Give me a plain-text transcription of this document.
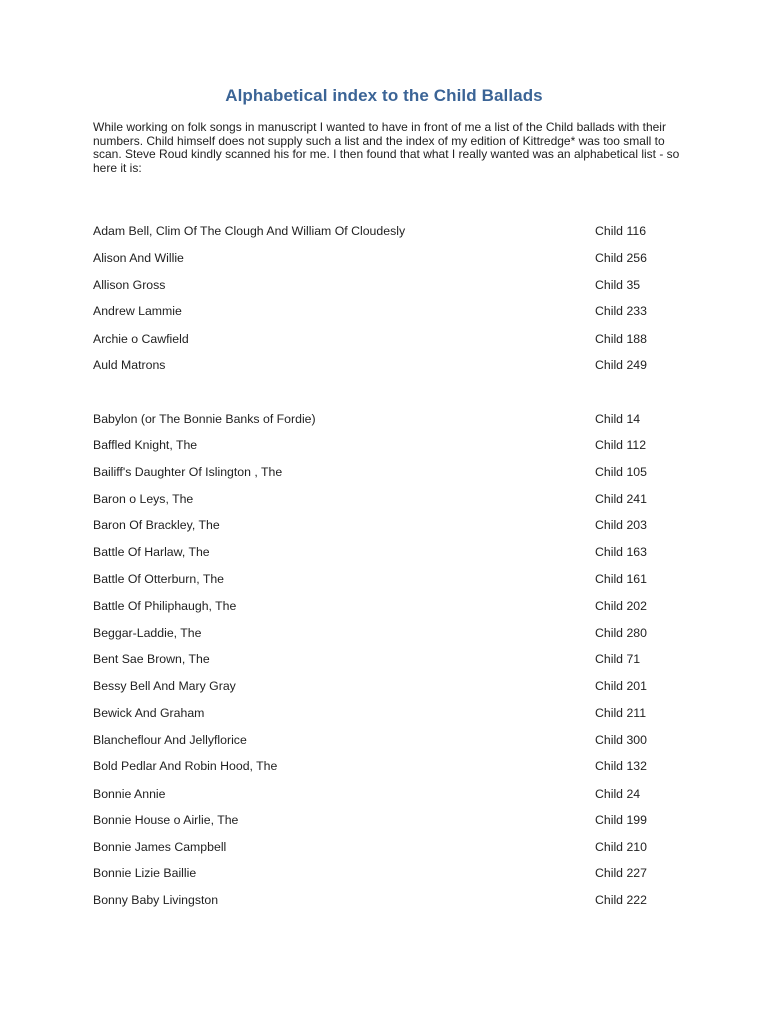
Alphabetical index to the Child Ballads
While working on folk songs in manuscript I wanted to have in front of me a list of the Child ballads with their numbers. Child himself does not supply such a list and the index of my edition of Kittredge* was too small to scan. Steve Roud kindly scanned his for me. I then found that what I really wanted was an alphabetical list - so here it is:
Adam Bell, Clim Of The Clough And William Of Cloudesly	Child 116
Alison And Willie	Child 256
Allison Gross	Child 35
Andrew Lammie	Child 233
Archie o Cawfield	Child 188
Auld Matrons	Child 249
Babylon (or The Bonnie Banks of Fordie)	Child 14
Baffled Knight, The	Child 112
Bailiff's Daughter Of Islington , The	Child 105
Baron o Leys, The	Child 241
Baron Of Brackley, The	Child 203
Battle Of Harlaw, The	Child 163
Battle Of Otterburn, The	Child 161
Battle Of Philiphaugh, The	Child 202
Beggar-Laddie, The	Child 280
Bent Sae Brown, The	Child 71
Bessy Bell And Mary Gray	Child 201
Bewick And Graham	Child 211
Blancheflour And Jellyflorice	Child 300
Bold Pedlar And Robin Hood, The	Child 132
Bonnie Annie	Child 24
Bonnie House o Airlie, The	Child 199
Bonnie James Campbell	Child 210
Bonnie Lizie Baillie	Child 227
Bonny Baby Livingston	Child 222
